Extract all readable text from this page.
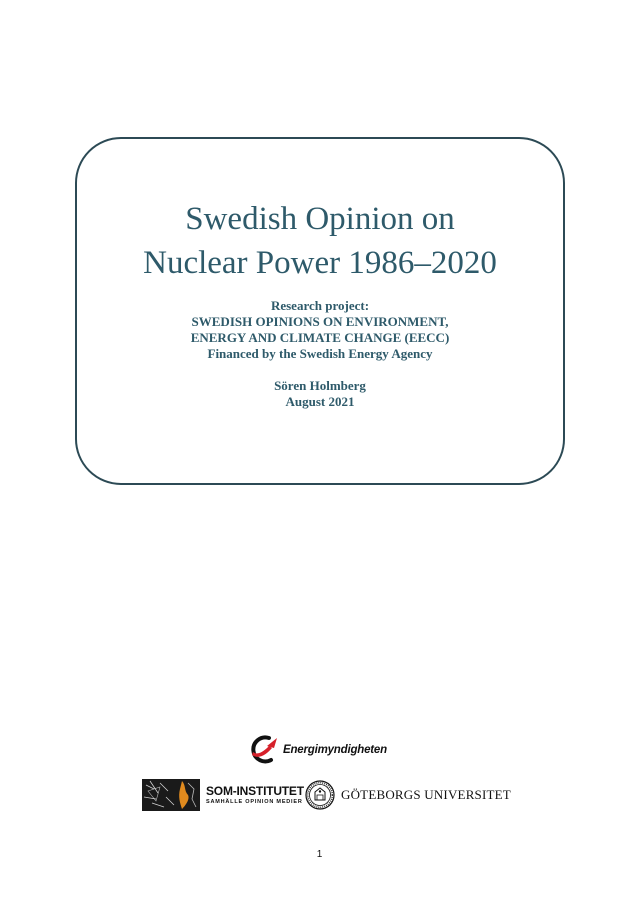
Swedish Opinion on
Nuclear Power 1986–2020
Research project:
SWEDISH OPINIONS ON ENVIRONMENT,
ENERGY AND CLIMATE CHANGE (EECC)
Financed by the Swedish Energy Agency
Sören Holmberg
August 2021
Energimyndigheten
SOM-INSTITUTET
SAMHÄLLE OPINION MEDIER	GÖTEBORGS UNIVERSITET
1
